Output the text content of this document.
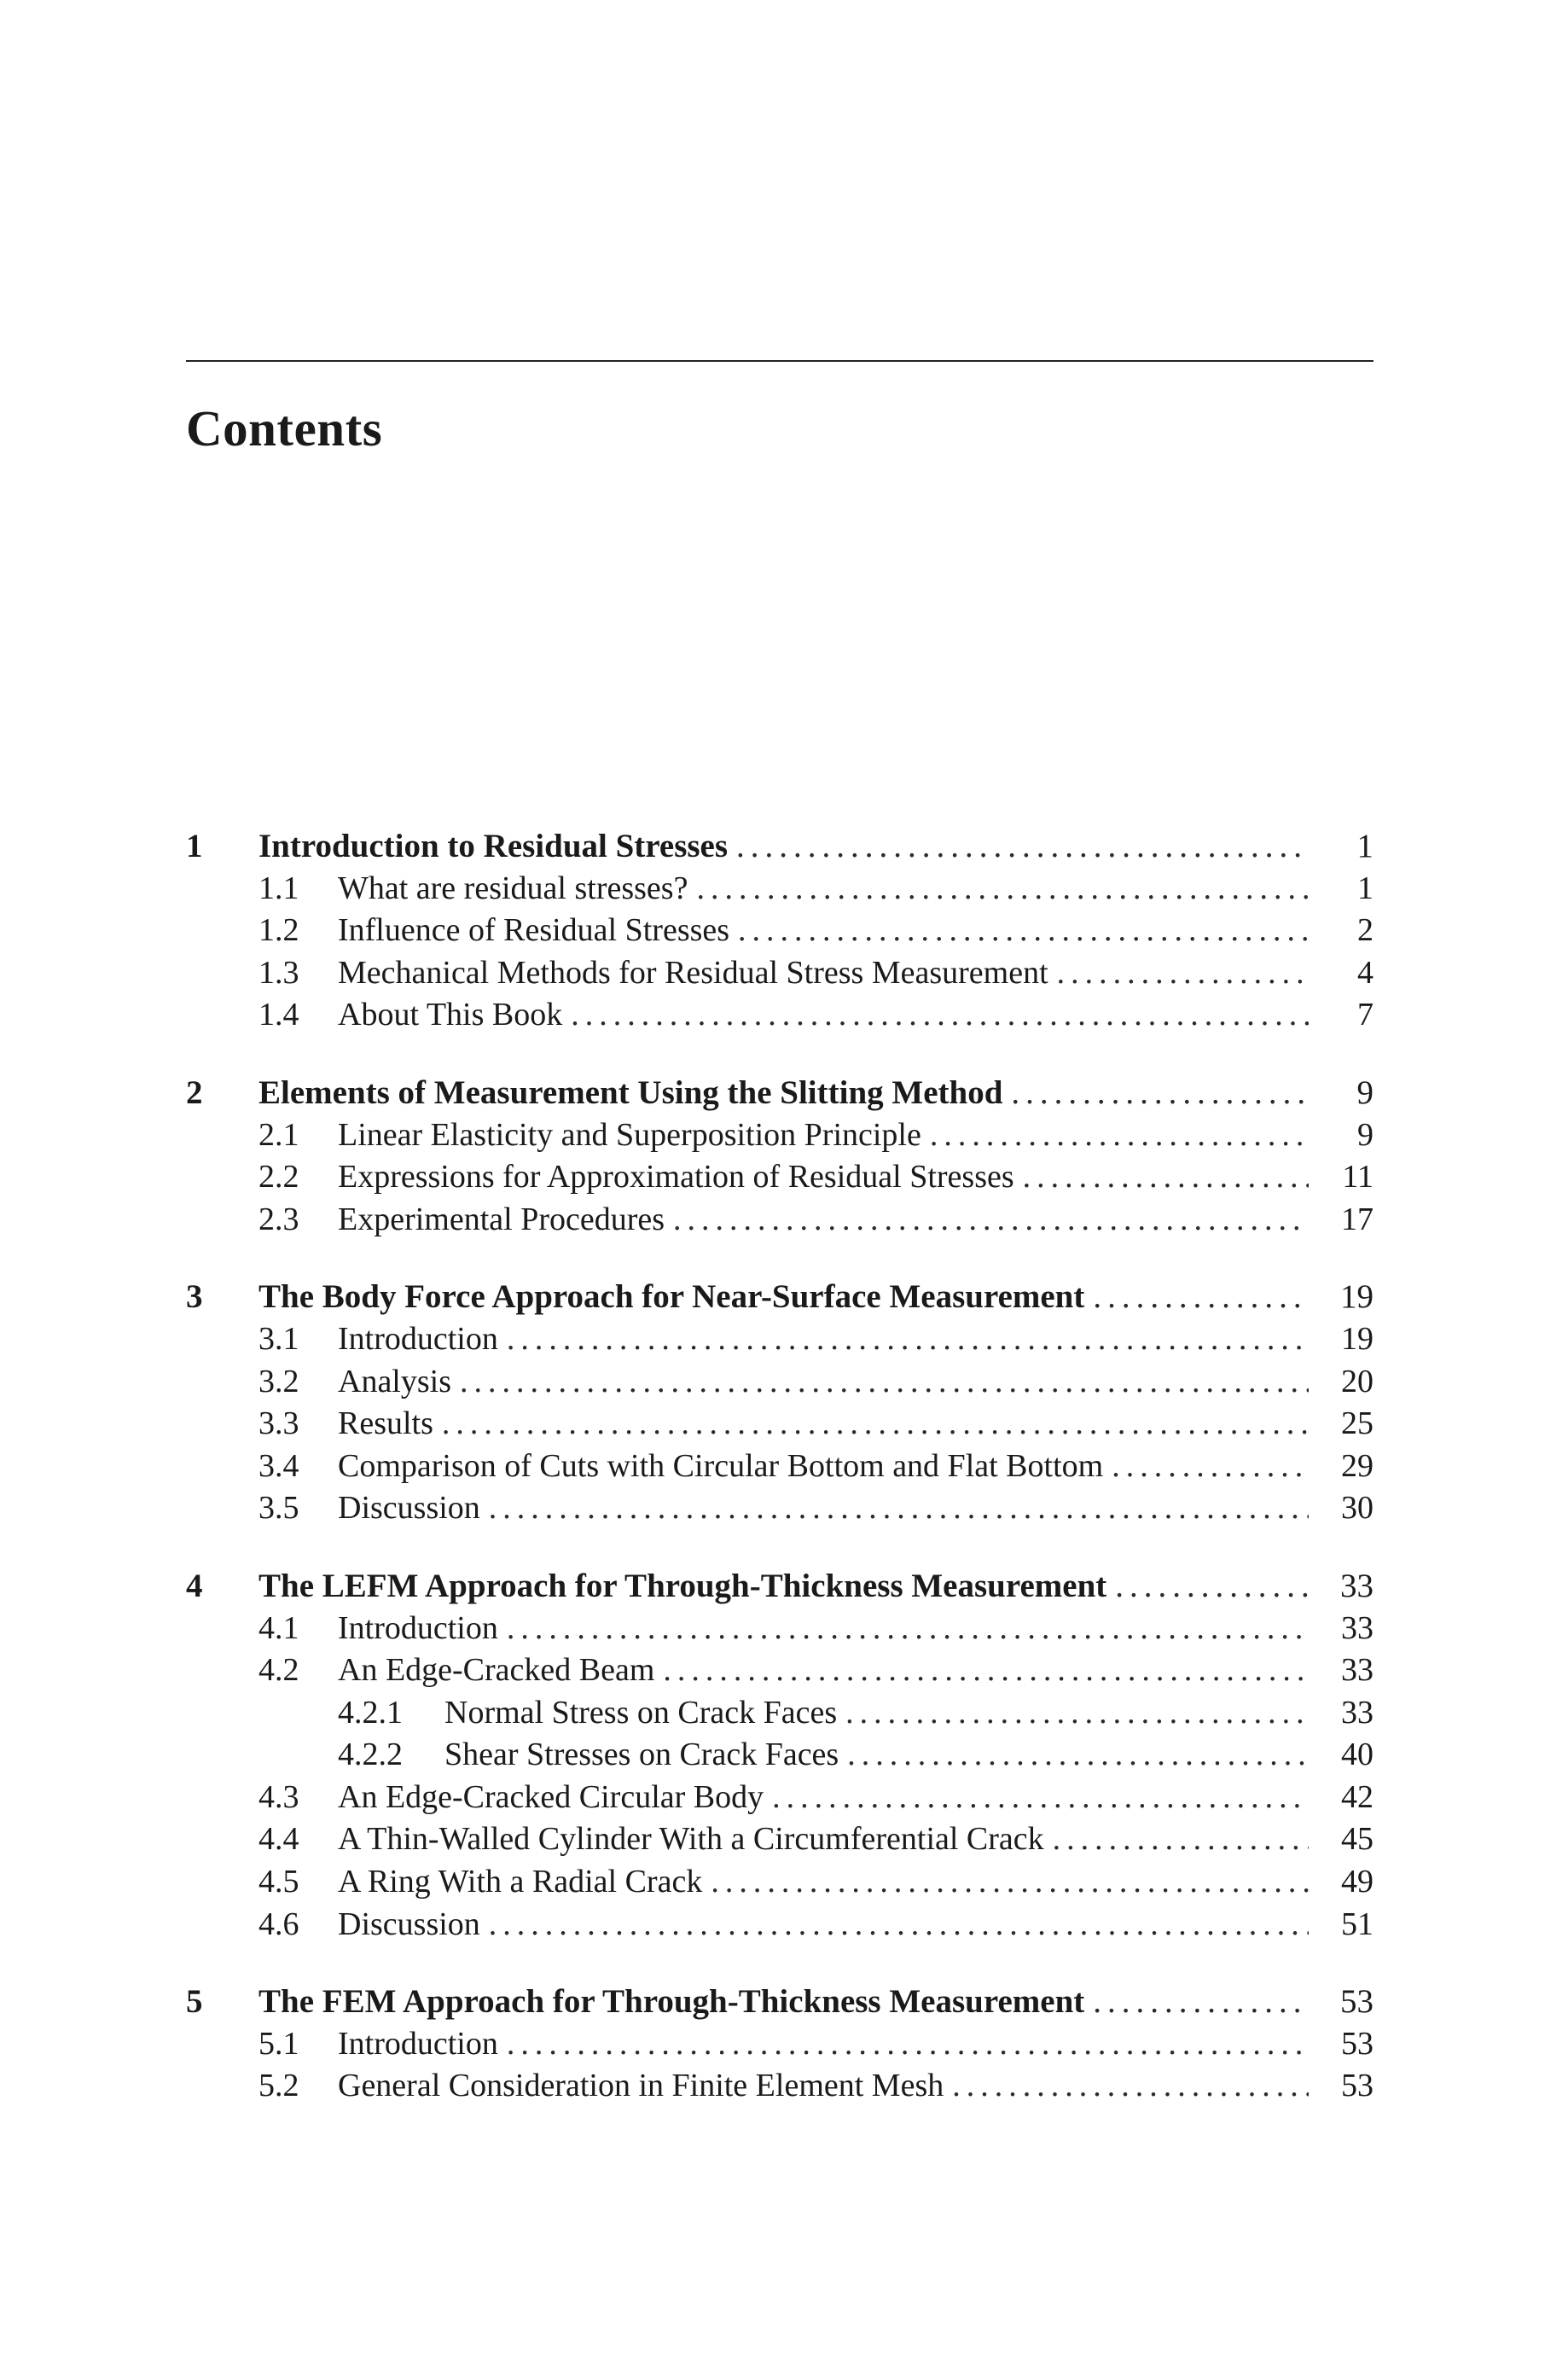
Contents
1 Introduction to Residual Stresses .....	1
1.1 What are residual stresses? .....	1
1.2 Influence of Residual Stresses .....	2
1.3 Mechanical Methods for Residual Stress Measurement .....	4
1.4 About This Book .....	7
2 Elements of Measurement Using the Slitting Method .....	9
2.1 Linear Elasticity and Superposition Principle .....	9
2.2 Expressions for Approximation of Residual Stresses .....	11
2.3 Experimental Procedures .....	17
3 The Body Force Approach for Near-Surface Measurement .....	19
3.1 Introduction .....	19
3.2 Analysis .....	20
3.3 Results .....	25
3.4 Comparison of Cuts with Circular Bottom and Flat Bottom .....	29
3.5 Discussion .....	30
4 The LEFM Approach for Through-Thickness Measurement .....	33
4.1 Introduction .....	33
4.2 An Edge-Cracked Beam .....	33
4.2.1 Normal Stress on Crack Faces .....	33
4.2.2 Shear Stresses on Crack Faces .....	40
4.3 An Edge-Cracked Circular Body .....	42
4.4 A Thin-Walled Cylinder With a Circumferential Crack .....	45
4.5 A Ring With a Radial Crack .....	49
4.6 Discussion .....	51
5 The FEM Approach for Through-Thickness Measurement .....	53
5.1 Introduction .....	53
5.2 General Consideration in Finite Element Mesh .....	53
